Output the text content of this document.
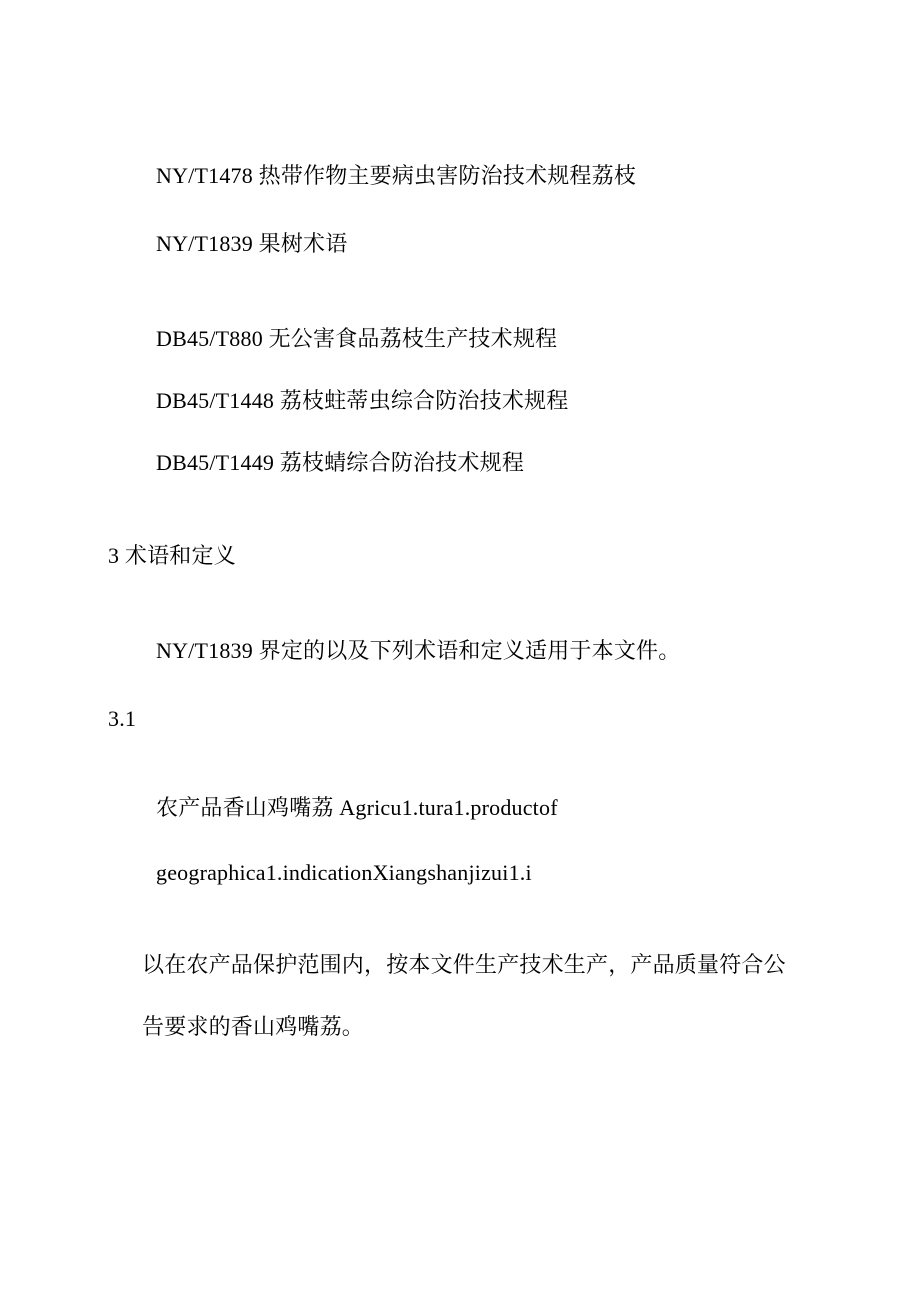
NY/T1478 热带作物主要病虫害防治技术规程荔枝
NY/T1839 果树术语
DB45/T880 无公害食品荔枝生产技术规程
DB45/T1448 荔枝蛀蒂虫综合防治技术规程
DB45/T1449 荔枝蜻综合防治技术规程
3 术语和定义
NY/T1839 界定的以及下列术语和定义适用于本文件。
3.1
农产品香山鸡嘴荔 Agricu1.tura1.productof
geographica1.indicationXiangshanjizui1.i
以在农产品保护范围内，按本文件生产技术生产，产品质量符合公
告要求的香山鸡嘴荔。
